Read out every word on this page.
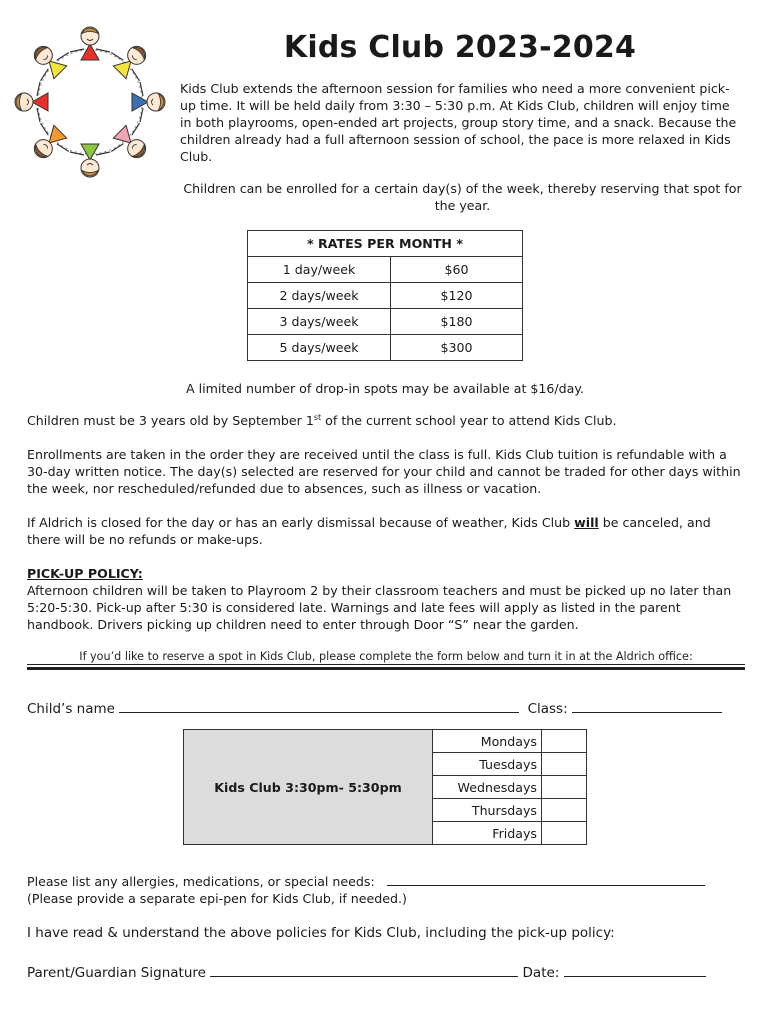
Kids Club 2023-2024

Kids Club extends the afternoon session for families who need a more convenient pick-up time. It will be held daily from 3:30 – 5:30 p.m. At Kids Club, children will enjoy time in both playrooms, open-ended art projects, group story time, and a snack. Because the children already had a full afternoon session of school, the pace is more relaxed in Kids Club.

Children can be enrolled for a certain day(s) of the week, thereby reserving that spot for the year.

* RATES PER MONTH *	
1 day/week	$60
2 days/week	$120
3 days/week	$180
5 days/week	$300

A limited number of drop-in spots may be available at $16/day.

Children must be 3 years old by September 1st of the current school year to attend Kids Club.

Enrollments are taken in the order they are received until the class is full. Kids Club tuition is refundable with a 30-day written notice. The day(s) selected are reserved for your child and cannot be traded for other days within the week, nor rescheduled/refunded due to absences, such as illness or vacation.

If Aldrich is closed for the day or has an early dismissal because of weather, Kids Club will be canceled, and there will be no refunds or make-ups.

PICK-UP POLICY:
Afternoon children will be taken to Playroom 2 by their classroom teachers and must be picked up no later than 5:20-5:30. Pick-up after 5:30 is considered late. Warnings and late fees will apply as listed in the parent handbook. Drivers picking up children need to enter through Door “S” near the garden.

If you’d like to reserve a spot in Kids Club, please complete the form below and turn it in at the Aldrich office:
Child’s name	Class:
Kids Club 3:30pm- 5:30pm	Mondays	
	Tuesdays	
	Wednesdays	
	Thursdays	
	Fridays	
Please list any allergies, medications, or special needs:
(Please provide a separate epi-pen for Kids Club, if needed.)
I have read & understand the above policies for Kids Club, including the pick-up policy:
Parent/Guardian Signature	Date:
